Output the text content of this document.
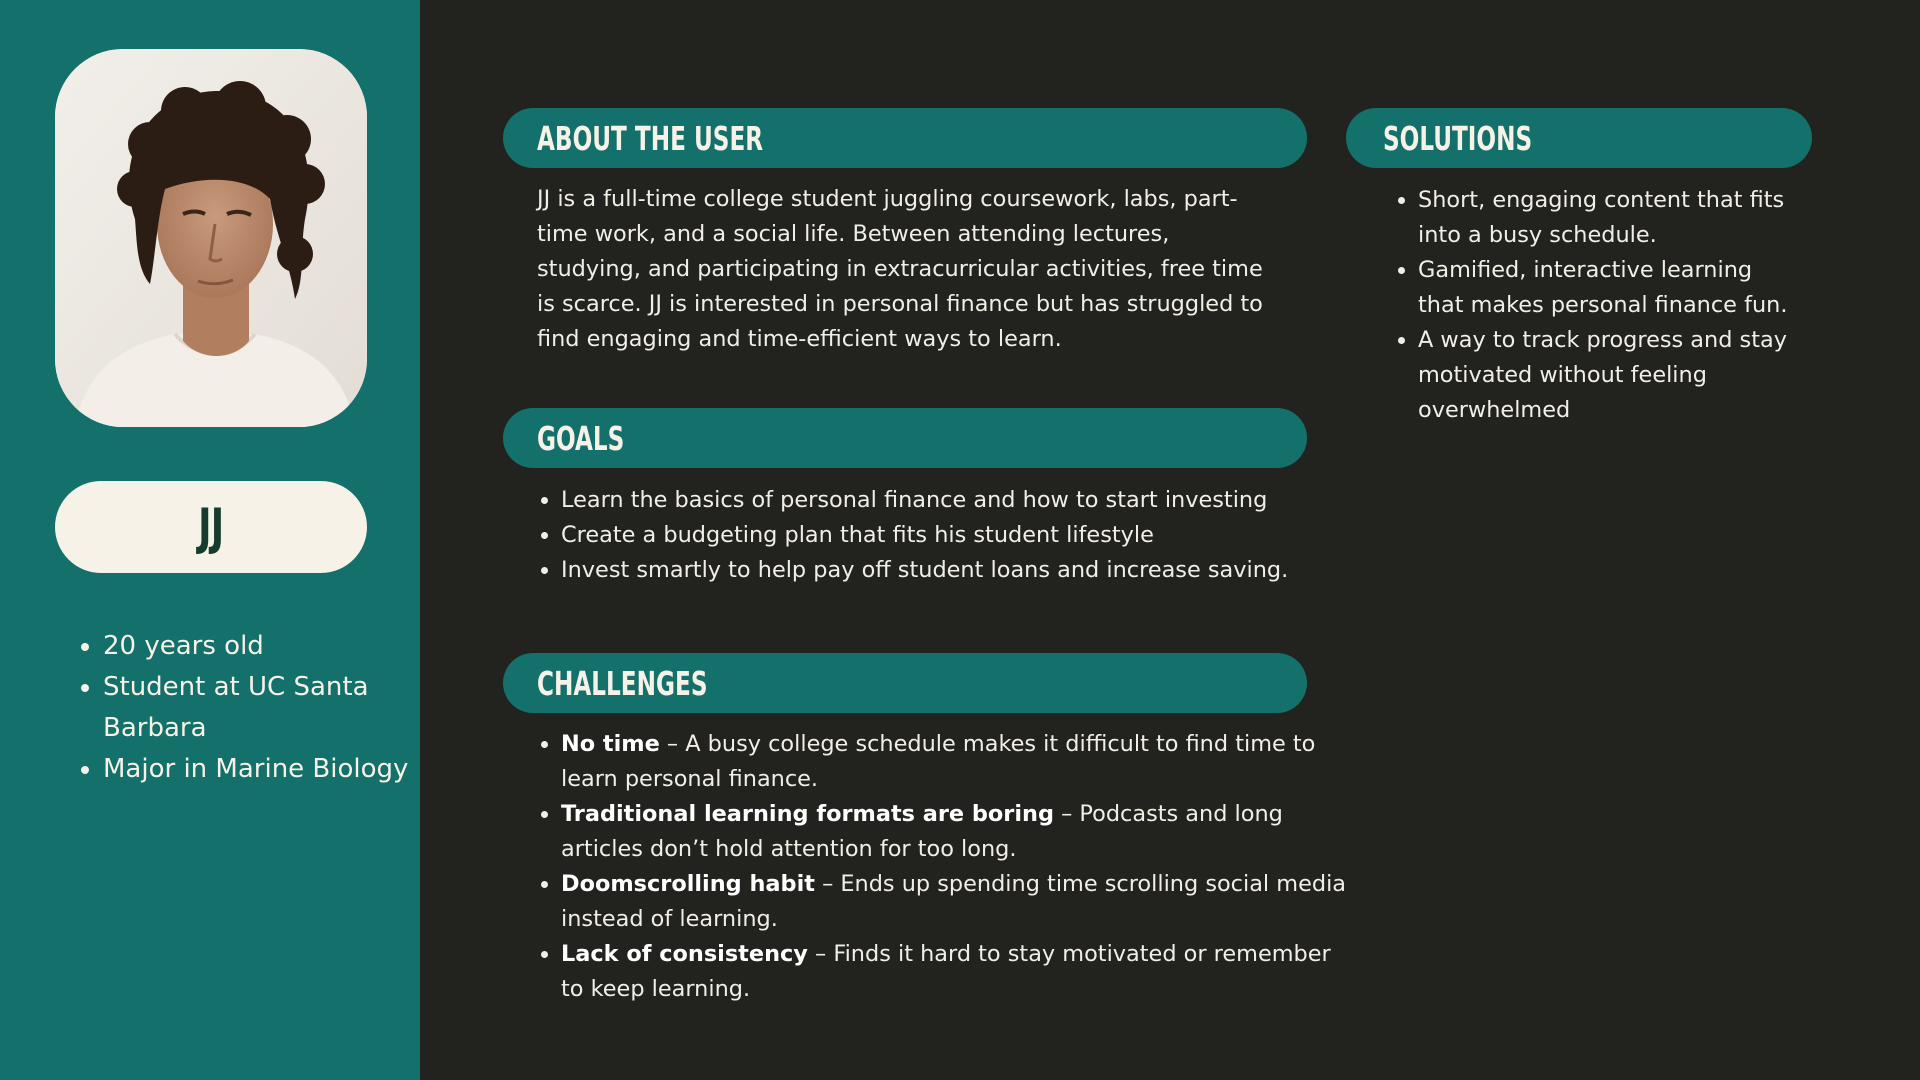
JJ
• 20 years old
• Student at UC Santa Barbara
• Major in Marine Biology
ABOUT THE USER

JJ is a full-time college student juggling coursework, labs, part-time work, and a social life. Between attending lectures, studying, and participating in extracurricular activities, free time is scarce. JJ is interested in personal finance but has struggled to find engaging and time-efficient ways to learn.

GOALS
• Learn the basics of personal finance and how to start investing
• Create a budgeting plan that fits his student lifestyle
• Invest smartly to help pay off student loans and increase saving.
CHALLENGES
• No time – A busy college schedule makes it difficult to find time to learn personal finance.
• Traditional learning formats are boring – Podcasts and long articles don’t hold attention for too long.
• Doomscrolling habit – Ends up spending time scrolling social media instead of learning.
• Lack of consistency – Finds it hard to stay motivated or remember to keep learning.
SOLUTIONS
• Short, engaging content that fits into a busy schedule.
• Gamified, interactive learning that makes personal finance fun.
• A way to track progress and stay motivated without feeling overwhelmed
